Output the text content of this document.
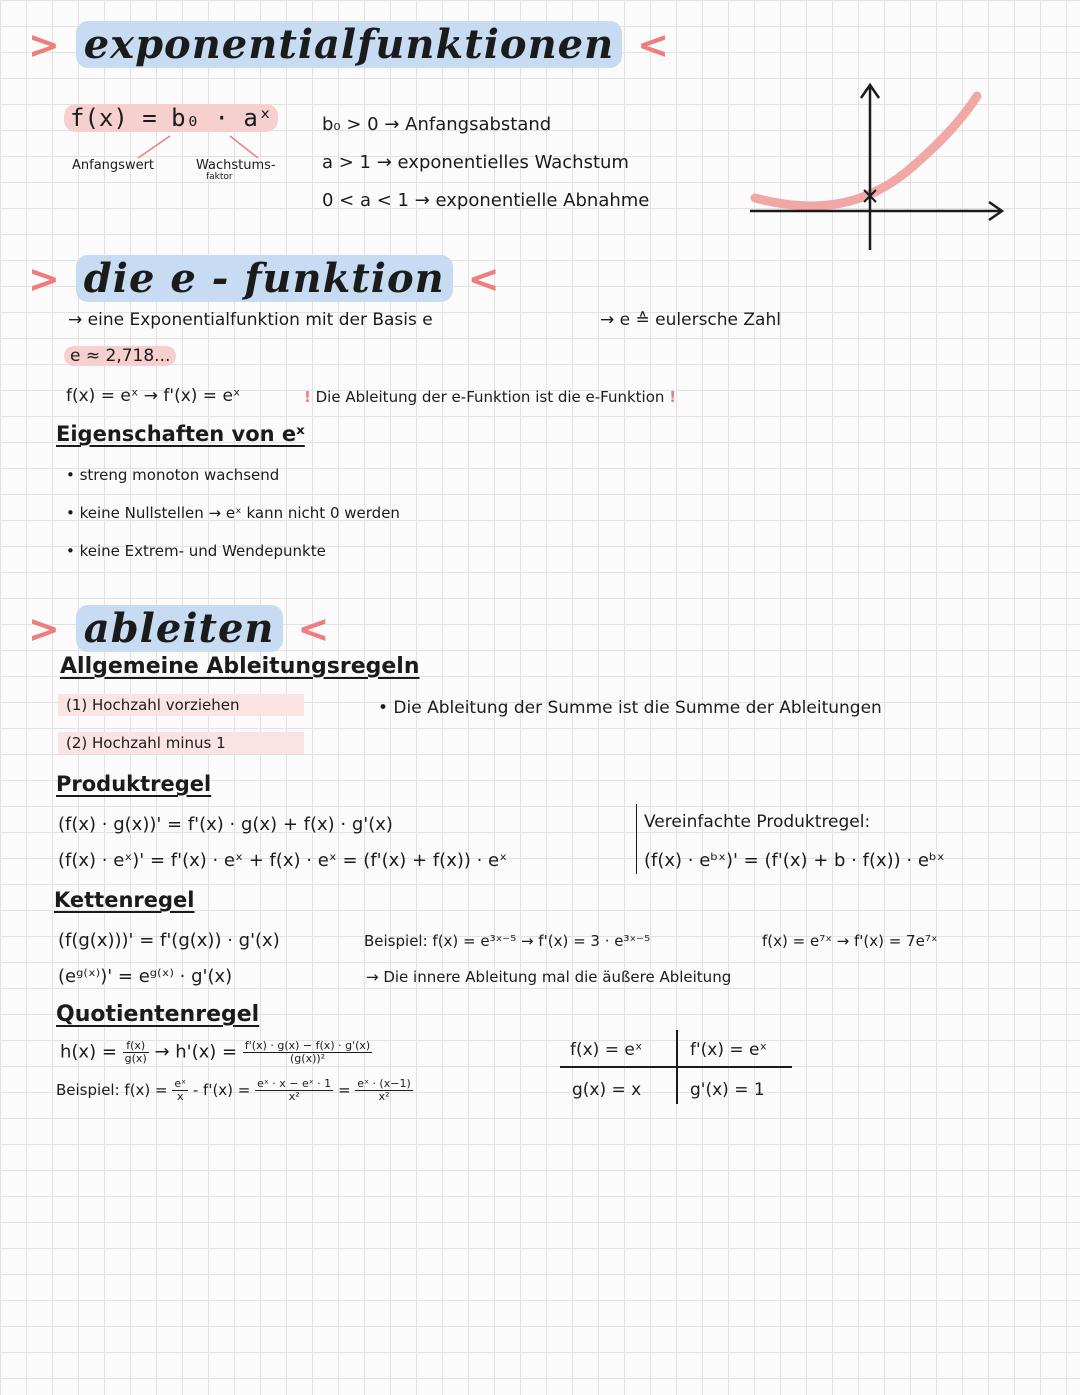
> exponentialfunktionen <
f(x) = b₀ · aˣ
Anfangswert	Wachstums-
faktor
b₀ > 0 → Anfangsabstand
a > 1 → exponentielles Wachstum
0 < a < 1 → exponentielle Abnahme
> die e - funktion <
→ eine Exponentialfunktion mit der Basis e	→ e ≙ eulersche Zahl
e ≈ 2,718...
f(x) = eˣ → f'(x) = eˣ	! Die Ableitung der e-Funktion ist die e-Funktion !
Eigenschaften von eˣ
• streng monoton wachsend
• keine Nullstellen → eˣ kann nicht 0 werden
• keine Extrem- und Wendepunkte
> ableiten <
Allgemeine Ableitungsregeln
(1) Hochzahl vorziehen
(2) Hochzahl minus 1
• Die Ableitung der Summe ist die Summe der Ableitungen
Produktregel
(f(x) · g(x))' = f'(x) · g(x) + f(x) · g'(x)
(f(x) · eˣ)' = f'(x) · eˣ + f(x) · eˣ = (f'(x) + f(x)) · eˣ
Vereinfachte Produktregel:
(f(x) · eᵇˣ)' = (f'(x) + b · f(x)) · eᵇˣ
Kettenregel
(f(g(x)))' = f'(g(x)) · g'(x)
(eᵍ⁽ˣ⁾)' = eᵍ⁽ˣ⁾ · g'(x)
Beispiel: f(x) = e³ˣ⁻⁵ → f'(x) = 3 · e³ˣ⁻⁵	f(x) = e⁷ˣ → f'(x) = 7e⁷ˣ
→ Die innere Ableitung mal die äußere Ableitung
Quotientenregel
$h(x) = \frac{f(x)}{g(x)} \to h'(x) = \frac{f'(x) \cdot g(x) - f(x) \cdot g'(x)}{\text{(g(x))²}}$
Beispiel: $f(x) = \frac{\text{eˣ}}{x} - f'(x) = \frac{\text{eˣ · x − eˣ · 1}}{\text{x²}} = \frac{\text{eˣ · (x−1)}}{\text{x²}}$
f(x) = eˣ	f'(x) = eˣ
g(x) = x	g'(x) = 1
